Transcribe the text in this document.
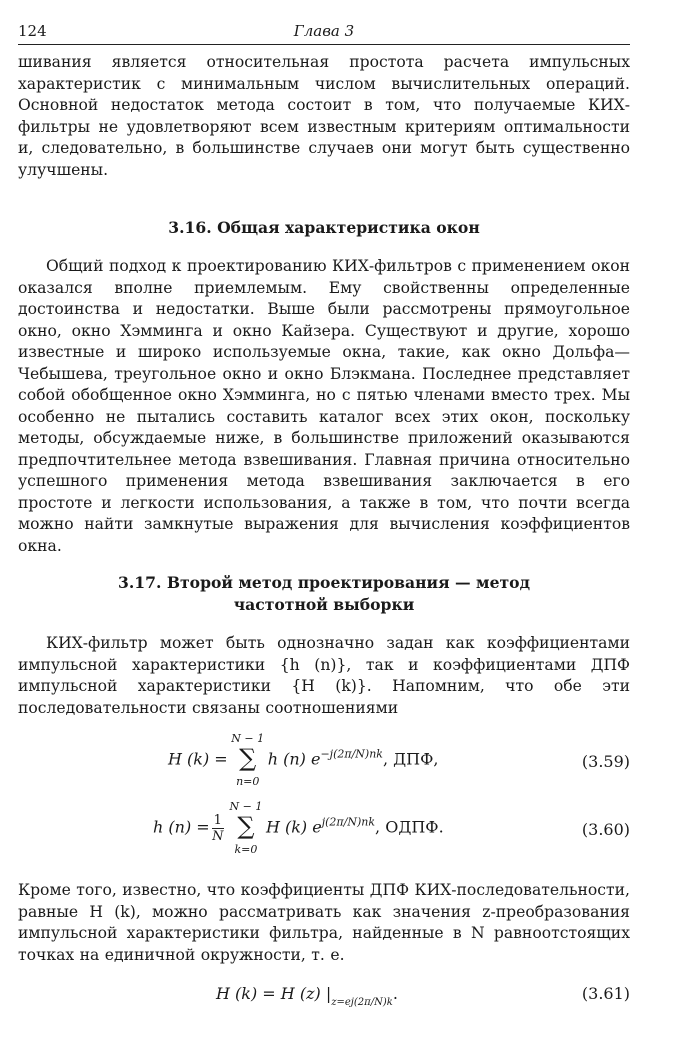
124	Глава 3

шивания является относительная простота расчета импульсных характеристик с минимальным числом вычислительных операций. Основной недостаток метода состоит в том, что получаемые КИХ-фильтры не удовлетворяют всем известным критериям оптимальности и, следовательно, в большинстве случаев они могут быть существенно улучшены.

3.16. Общая характеристика окон

Общий подход к проектированию КИХ-фильтров с применением окон оказался вполне приемлемым. Ему свойственны определенные достоинства и недостатки. Выше были рассмотрены прямоугольное окно, окно Хэмминга и окно Кайзера. Существуют и другие, хорошо известные и широко используемые окна, такие, как окно Дольфа—Чебышева, треугольное окно и окно Блэкмана. Последнее представляет собой обобщенное окно Хэмминга, но с пятью членами вместо трех. Мы особенно не пытались составить каталог всех этих окон, поскольку методы, обсуждаемые ниже, в большинстве приложений оказываются предпочтительнее метода взвешивания. Главная причина относительно успешного применения метода взвешивания заключается в его простоте и легкости использования, а также в том, что почти всегда можно найти замкнутые выражения для вычисления коэффициентов окна.

3.17. Второй метод проектирования — метод
частотной выборки

КИХ-фильтр может быть однозначно задан как коэффициентами импульсной характеристики {h (n)}, так и коэффициентами ДПФ импульсной характеристики {H (k)}. Напомним, что обе эти последовательности связаны соотношениями

H (k) =
N − 1
∑
n=0
h (n) $e^{-j(2\pi/N)nk}$, ДПФ,	(3.59)
h $(n) = \frac{1}{N}$
N − 1
∑
k=0
H (k) $e^{j(2\pi/N)nk}$, ОДПФ.	(3.60)

Кроме того, известно, что коэффициенты ДПФ КИХ-последовательности, равные H (k), можно рассматривать как значения z-преобразования импульсной характеристики фильтра, найденные в N равноотстоящих точках на единичной окружности, т. е.

H (k) = H (z) $|_{z=ej(2\pi/N)k}$.	(3.61)
